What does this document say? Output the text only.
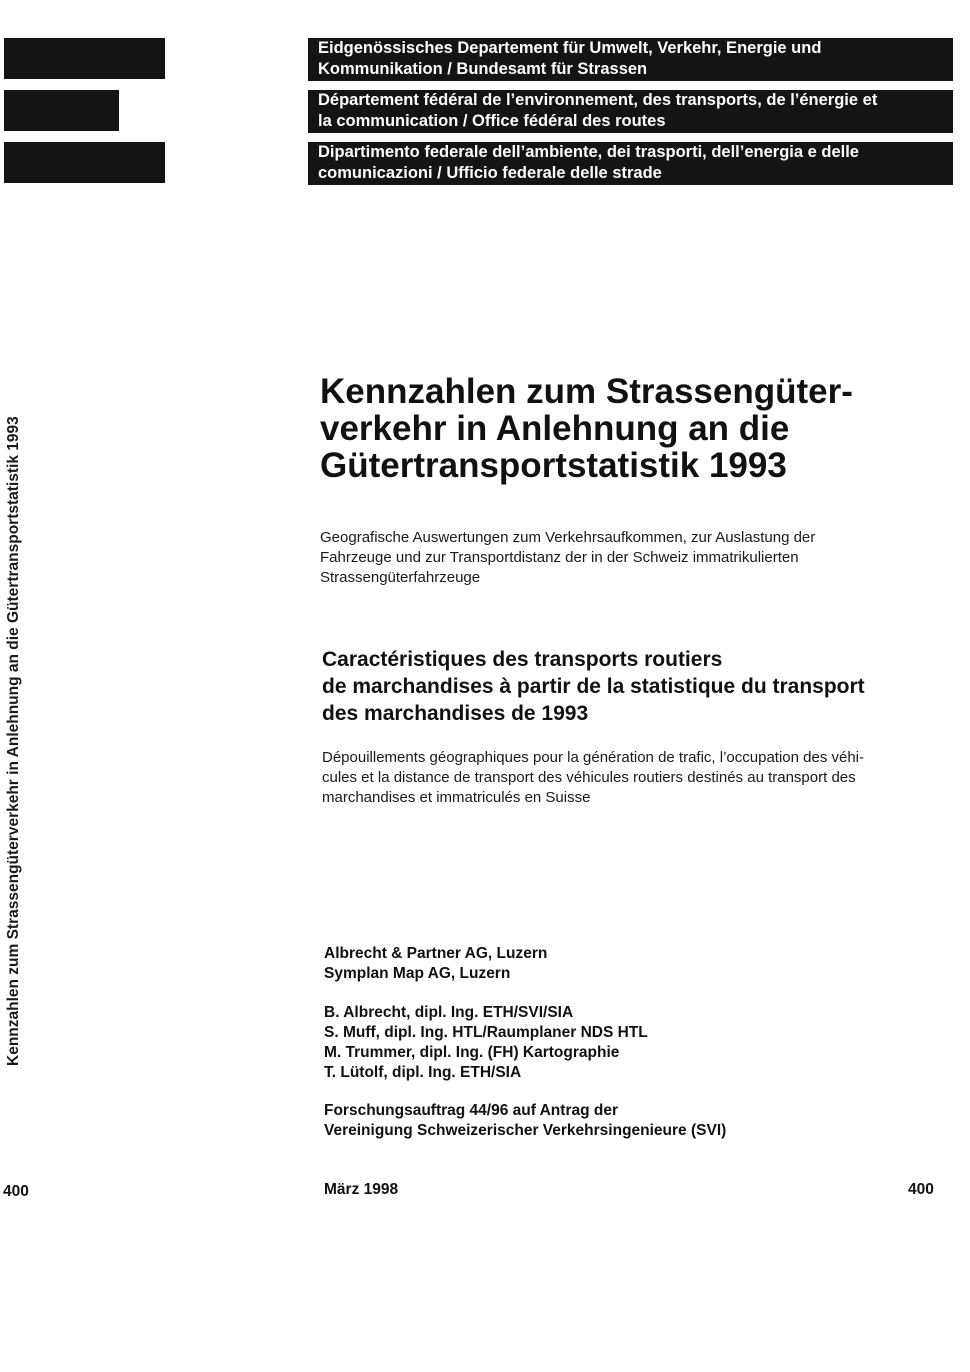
Eidgenössisches Departement für Umwelt, Verkehr, Energie und
Kommunikation / Bundesamt für Strassen
Département fédéral de l’environnement, des transports, de l’énergie et
la communication / Office fédéral des routes
Dipartimento federale dell’ambiente, dei trasporti, dell’energia e delle
comunicazioni / Ufficio federale delle strade
Kennzahlen zum Strassengüterverkehr in Anlehnung an die Gütertransportstatistik 1993
Kennzahlen zum Strassengüter-
verkehr in Anlehnung an die
Gütertransportstatistik 1993

Geografische Auswertungen zum Verkehrsaufkommen, zur Auslastung der
Fahrzeuge und zur Transportdistanz der in der Schweiz immatrikulierten
Strassengüterfahrzeuge

Caractéristiques des transports routiers
de marchandises à partir de la statistique du transport
des marchandises de 1993

Dépouillements géographiques pour la génération de trafic, l’occupation des véhi-
cules et la distance de transport des véhicules routiers destinés au transport des
marchandises et immatriculés en Suisse

Albrecht & Partner AG, Luzern
Symplan Map AG, Luzern

B. Albrecht, dipl. Ing. ETH/SVI/SIA
S. Muff, dipl. Ing. HTL/Raumplaner NDS HTL
M. Trummer, dipl. Ing. (FH) Kartographie
T. Lütolf, dipl. Ing. ETH/SIA

Forschungsauftrag 44/96 auf Antrag der
Vereinigung Schweizerischer Verkehrsingenieure (SVI)

400	März 1998	400
